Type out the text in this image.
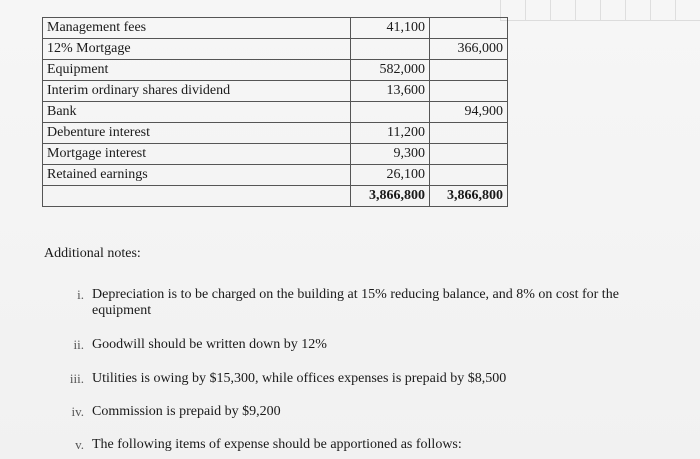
Management fees	41,100	
12% Mortgage		366,000
Equipment	582,000	
Interim ordinary shares dividend	13,600	
Bank		94,900
Debenture interest	11,200	
Mortgage interest	9,300	
Retained earnings	26,100	
	3,866,800	3,866,800
Additional notes:
i. Depreciation is to be charged on the building at 15% reducing balance, and 8% on cost for the equipment
ii. Goodwill should be written down by 12%
iii. Utilities is owing by $15,300, while offices expenses is prepaid by $8,500
iv. Commission is prepaid by $9,200
v. The following items of expense should be apportioned as follows:
